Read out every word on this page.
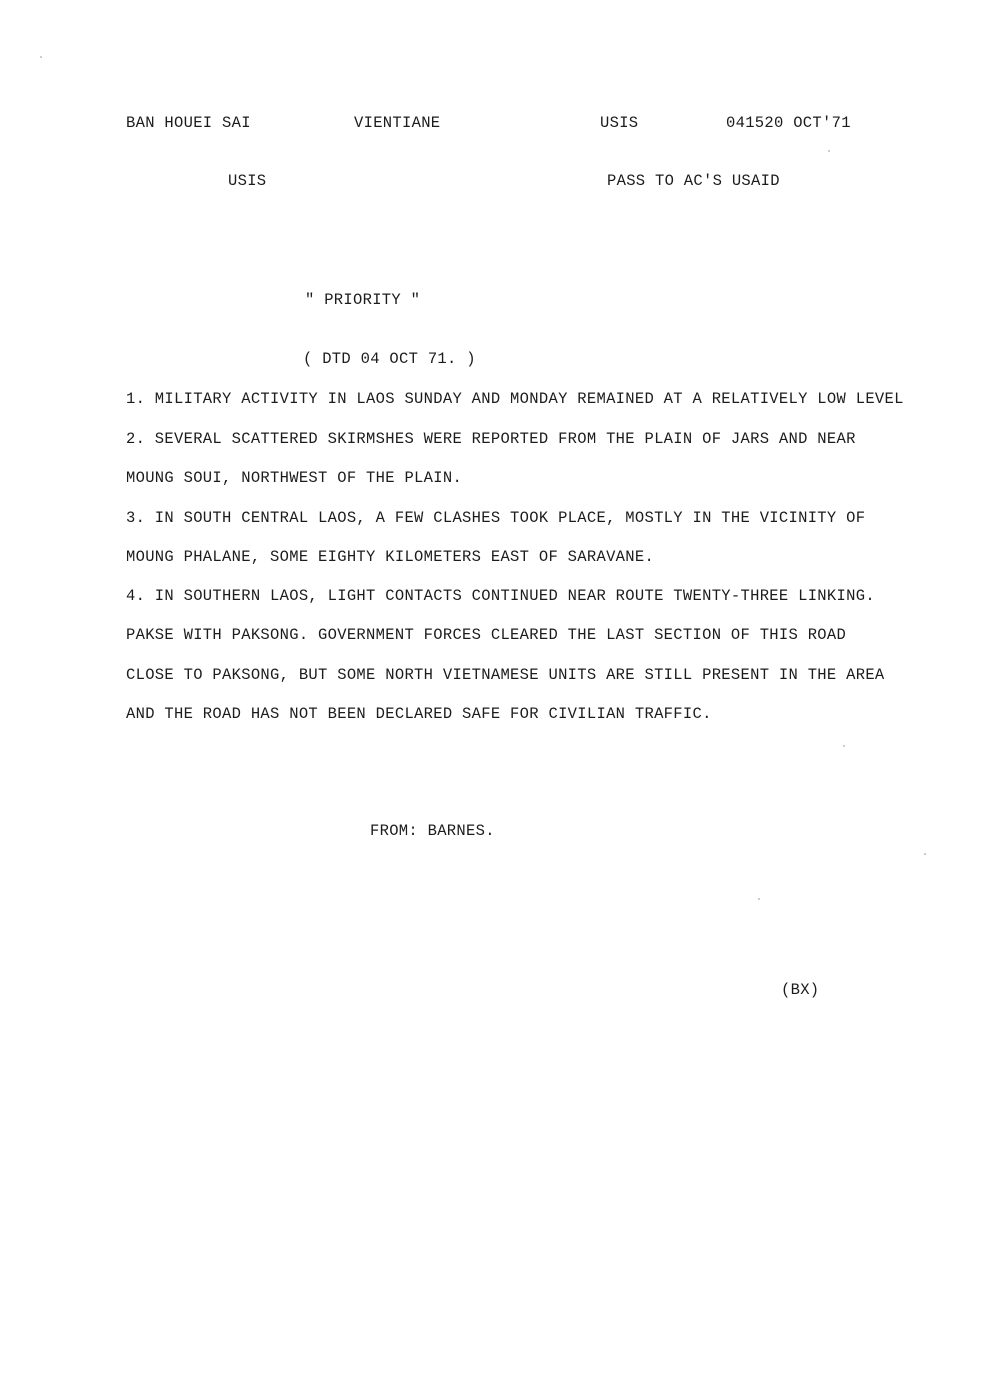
BAN HOUEI SAI	VIENTIANE	USIS	041520 OCT'71
USIS	PASS TO AC'S USAID
" PRIORITY "
( DTD 04 OCT 71. )
1. MILITARY ACTIVITY IN LAOS SUNDAY AND MONDAY REMAINED AT A RELATIVELY LOW LEVEL
2. SEVERAL SCATTERED SKIRMSHES WERE REPORTED FROM THE PLAIN OF JARS AND NEAR
MOUNG SOUI, NORTHWEST OF THE PLAIN.
3. IN SOUTH CENTRAL LAOS, A FEW CLASHES TOOK PLACE, MOSTLY IN THE VICINITY OF
MOUNG PHALANE, SOME EIGHTY KILOMETERS EAST OF SARAVANE.
4. IN SOUTHERN LAOS, LIGHT CONTACTS CONTINUED NEAR ROUTE TWENTY-THREE LINKING.
PAKSE WITH PAKSONG. GOVERNMENT FORCES CLEARED THE LAST SECTION OF THIS ROAD
CLOSE TO PAKSONG, BUT SOME NORTH VIETNAMESE UNITS ARE STILL PRESENT IN THE AREA
AND THE ROAD HAS NOT BEEN DECLARED SAFE FOR CIVILIAN TRAFFIC.
FROM: BARNES.
(BX)
